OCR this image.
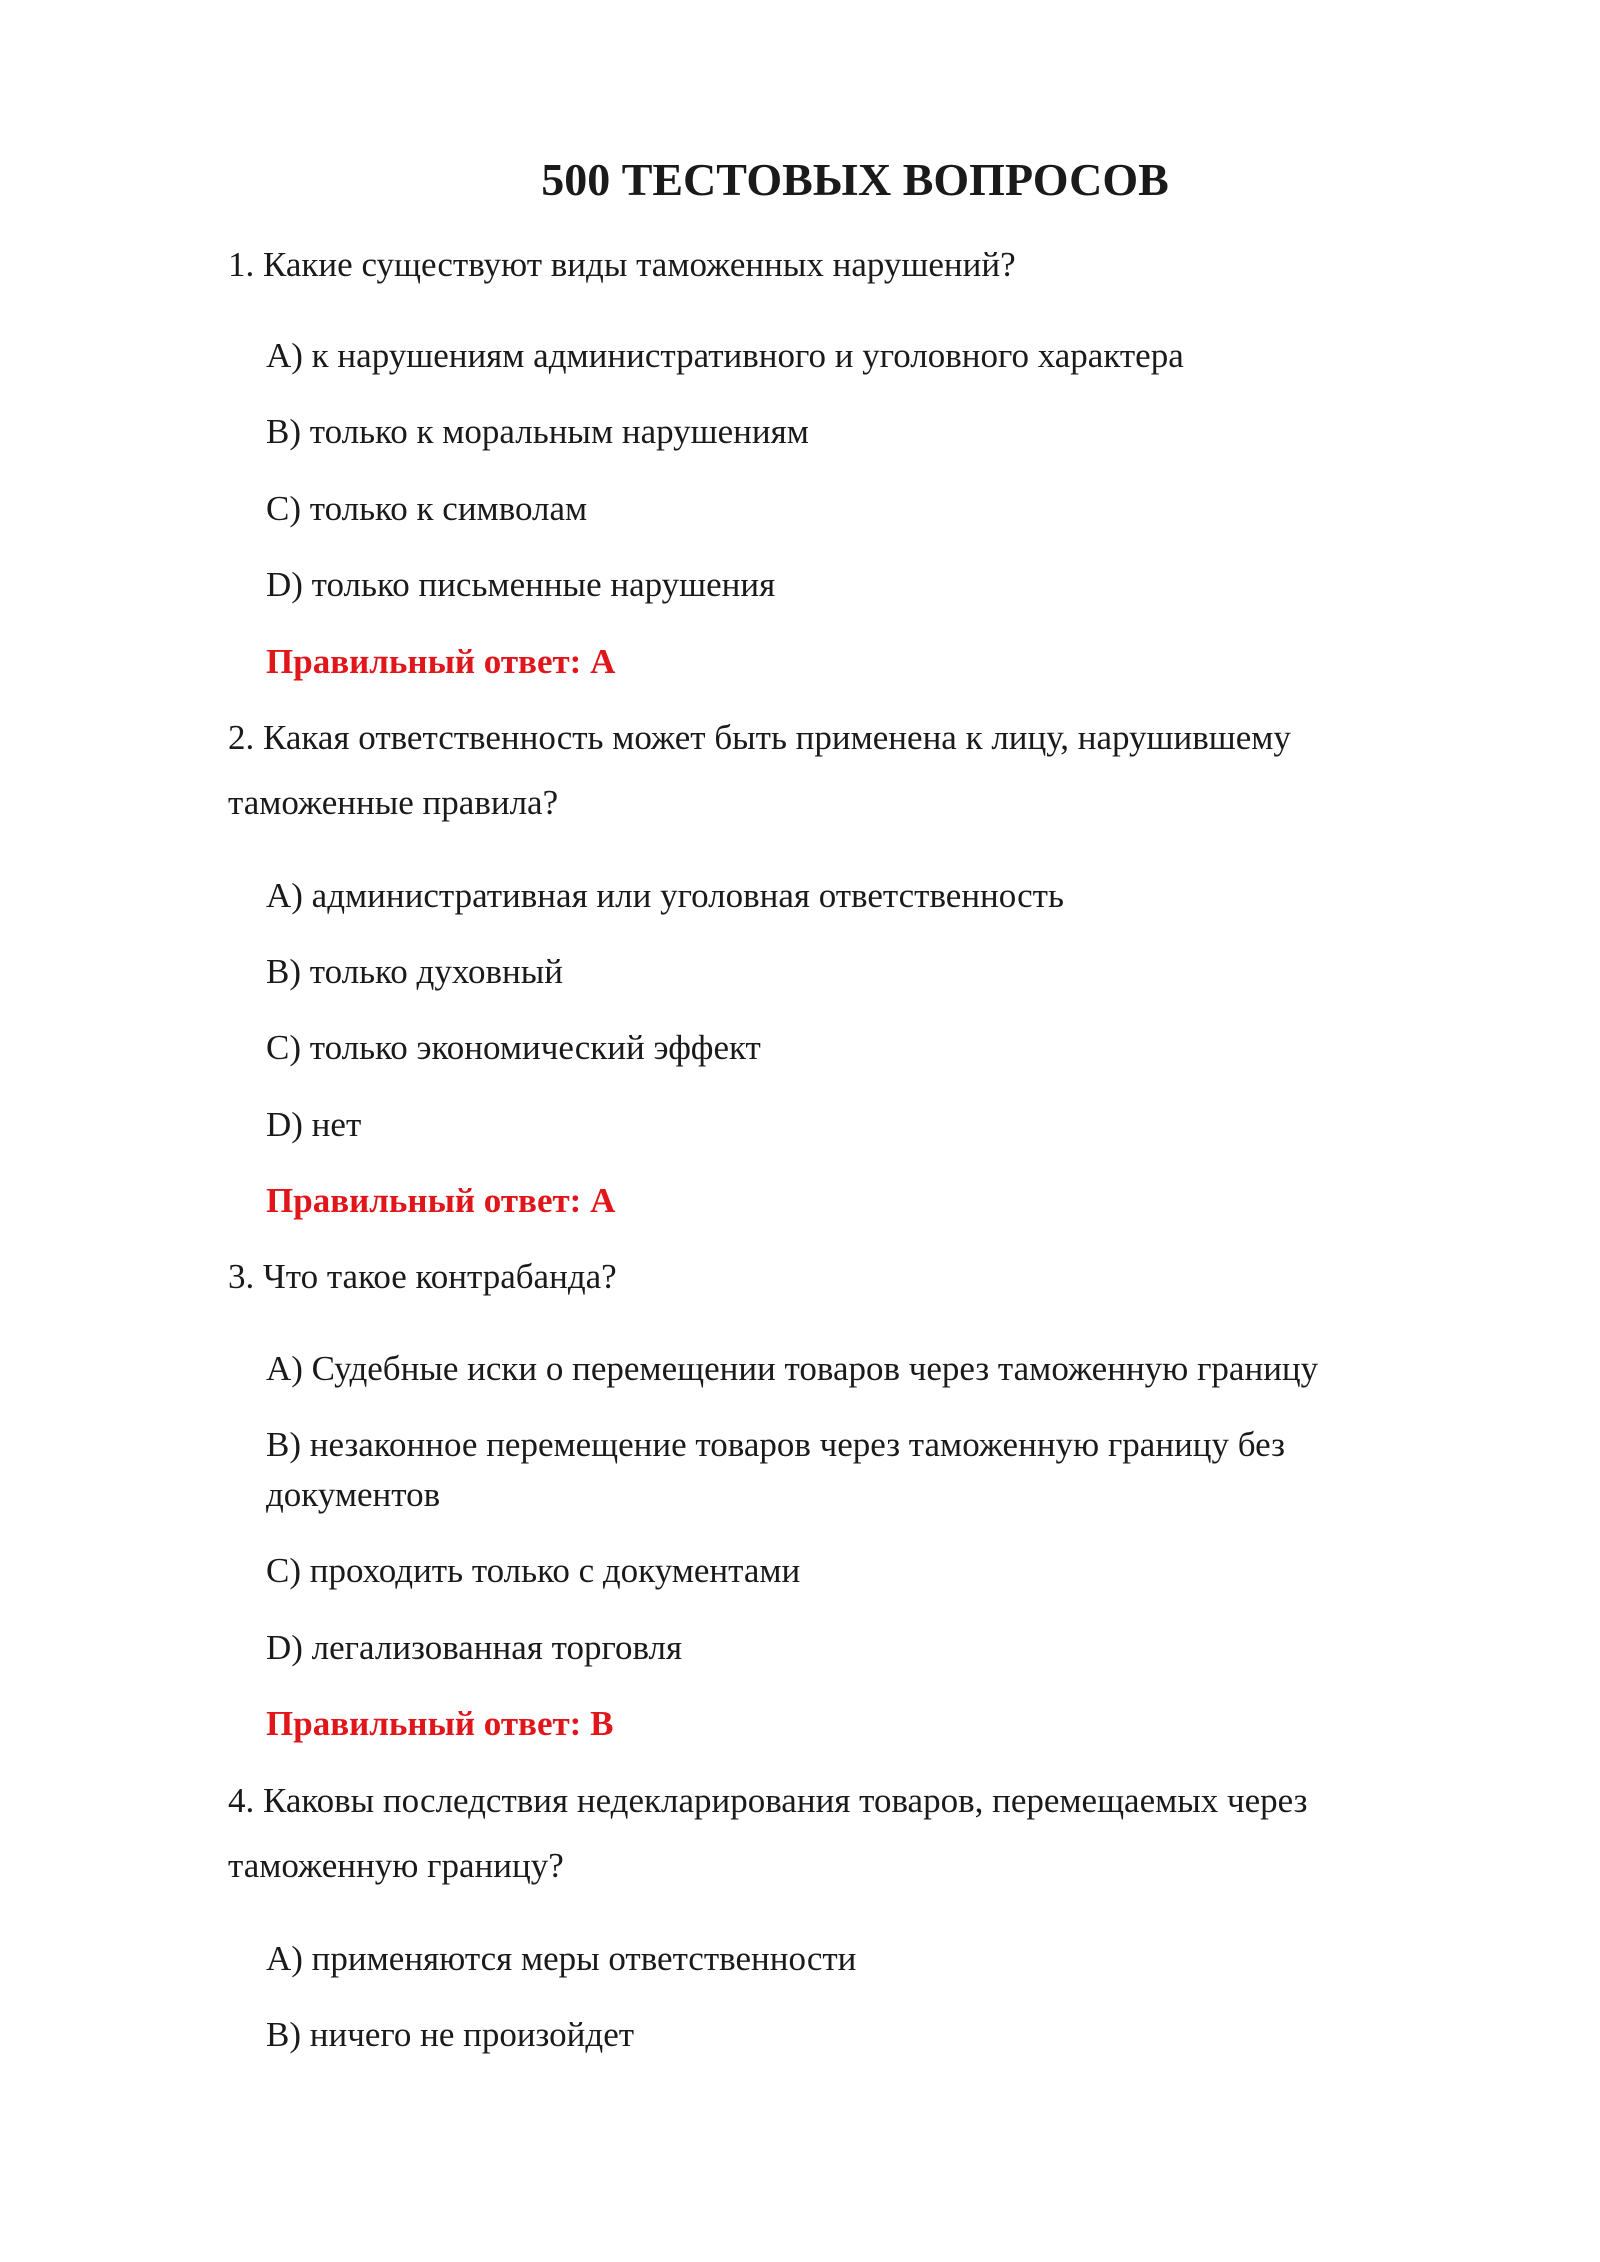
500 ТЕСТОВЫХ ВОПРОСОВ
1. Какие существуют виды таможенных нарушений?
A) к нарушениям административного и уголовного характера
B) только к моральным нарушениям
C) только к символам
D) только письменные нарушения
Правильный ответ: A
2. Какая ответственность может быть применена к лицу, нарушившему
таможенные правила?
A) административная или уголовная ответственность
B) только духовный
C) только экономический эффект
D) нет
Правильный ответ: A
3. Что такое контрабанда?
A) Судебные иски о перемещении товаров через таможенную границу
B) незаконное перемещение товаров через таможенную границу без
документов
C) проходить только с документами
D) легализованная торговля
Правильный ответ: B
4. Каковы последствия недекларирования товаров, перемещаемых через
таможенную границу?
A) применяются меры ответственности
B) ничего не произойдет
